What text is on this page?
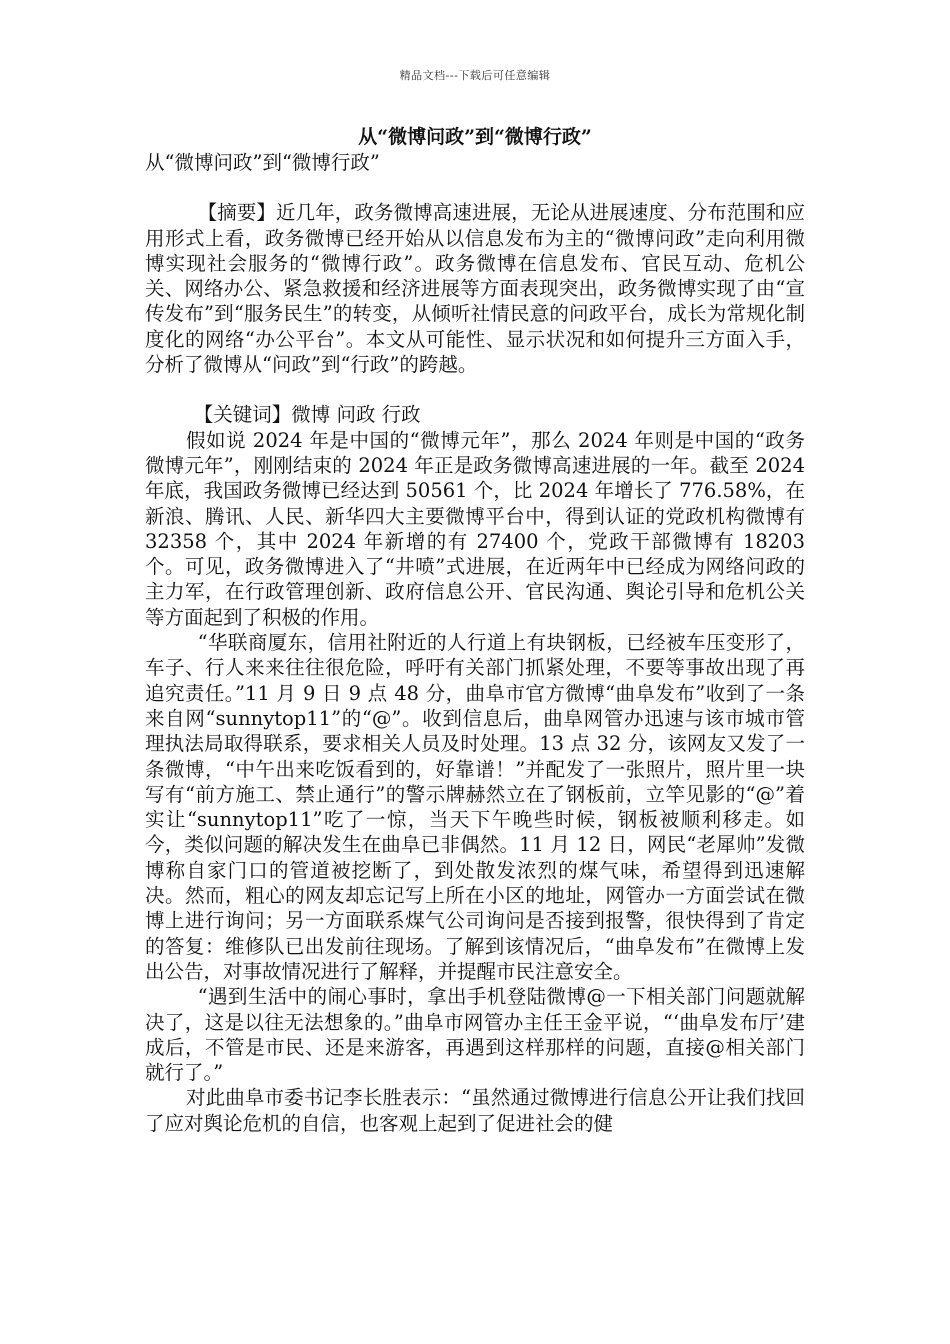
精品文档---下载后可任意编辑
从“微博问政”到“微博行政”

从“微博问政”到“微博行政”

【摘要】近几年，政务微博高速进展，无论从进展速度、分布范围和应用形式上看，政务微博已经开始从以信息发布为主的“微博问政”走向利用微博实现社会服务的“微博行政”。政务微博在信息发布、官民互动、危机公关、网络办公、紧急救援和经济进展等方面表现突出，政务微博实现了由“宣传发布”到“服务民生”的转变，从倾听社情民意的问政平台，成长为常规化制度化的网络“办公平台”。本文从可能性、显示状况和如何提升三方面入手，分析了微博从“问政”到“行政”的跨越。

【关键词】微博 问政 行政

假如说 2024 年是中国的“微博元年”，那么 2024 年则是中国的“政务微博元年”，刚刚结束的 2024 年正是政务微博高速进展的一年。截至 2024 年底，我国政务微博已经达到 50561 个，比 2024 年增长了 776.58%，在新浪、腾讯、人民、新华四大主要微博平台中，得到认证的党政机构微博有 32358 个，其中 2024 年新增的有 27400 个，党政干部微博有 18203 个。可见，政务微博进入了“井喷”式进展，在近两年中已经成为网络问政的主力军，在行政管理创新、政府信息公开、官民沟通、舆论引导和危机公关等方面起到了积极的作用。

“华联商厦东，信用社附近的人行道上有块钢板，已经被车压变形了，车子、行人来来往往很危险，呼吁有关部门抓紧处理，不要等事故出现了再追究责任。”11 月 9 日 9 点 48 分，曲阜市官方微博“曲阜发布”收到了一条来自网“sunnytop11”的“@”。收到信息后，曲阜网管办迅速与该市城市管理执法局取得联系，要求相关人员及时处理。13 点 32 分，该网友又发了一条微博，“中午出来吃饭看到的，好靠谱！”并配发了一张照片，照片里一块写有“前方施工、禁止通行”的警示牌赫然立在了钢板前，立竿见影的“@”着实让“sunnytop11”吃了一惊，当天下午晚些时候，钢板被顺利移走。如今，类似问题的解决发生在曲阜已非偶然。11 月 12 日，网民“老犀帅”发微博称自家门口的管道被挖断了，到处散发浓烈的煤气味，希望得到迅速解决。然而，粗心的网友却忘记写上所在小区的地址，网管办一方面尝试在微博上进行询问；另一方面联系煤气公司询问是否接到报警，很快得到了肯定的答复：维修队已出发前往现场。了解到该情况后，“曲阜发布”在微博上发出公告，对事故情况进行了解释，并提醒市民注意安全。

“遇到生活中的闹心事时，拿出手机登陆微博@一下相关部门问题就解决了，这是以往无法想象的。”曲阜市网管办主任王金平说，“‘曲阜发布厅’建成后，不管是市民、还是来游客，再遇到这样那样的问题，直接@相关部门就行了。”

对此曲阜市委书记李长胜表示：“虽然通过微博进行信息公开让我们找回了应对舆论危机的自信，也客观上起到了促进社会的健
